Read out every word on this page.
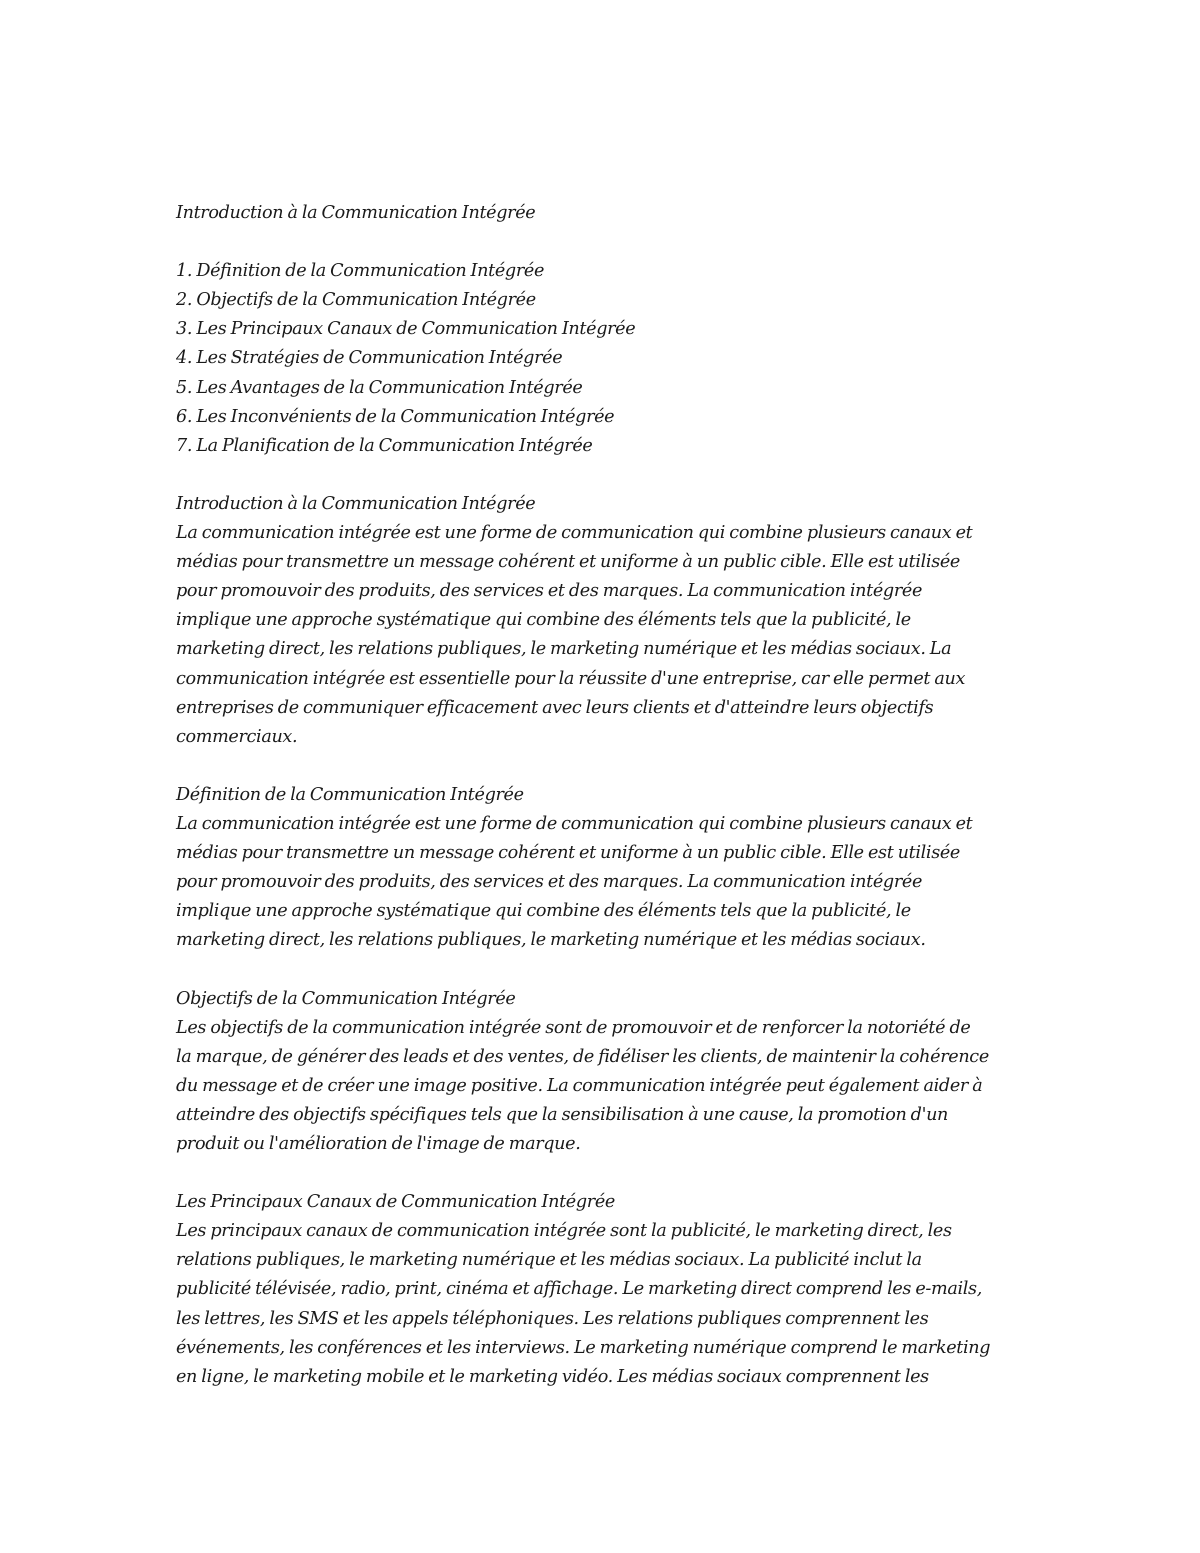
Introduction à la Communication Intégrée
1. Définition de la Communication Intégrée
2. Objectifs de la Communication Intégrée
3. Les Principaux Canaux de Communication Intégrée
4. Les Stratégies de Communication Intégrée
5. Les Avantages de la Communication Intégrée
6. Les Inconvénients de la Communication Intégrée
7. La Planification de la Communication Intégrée
Introduction à la Communication Intégrée
La communication intégrée est une forme de communication qui combine plusieurs canaux et
médias pour transmettre un message cohérent et uniforme à un public cible. Elle est utilisée
pour promouvoir des produits, des services et des marques. La communication intégrée
implique une approche systématique qui combine des éléments tels que la publicité, le
marketing direct, les relations publiques, le marketing numérique et les médias sociaux. La
communication intégrée est essentielle pour la réussite d'une entreprise, car elle permet aux
entreprises de communiquer efficacement avec leurs clients et d'atteindre leurs objectifs
commerciaux.
Définition de la Communication Intégrée
La communication intégrée est une forme de communication qui combine plusieurs canaux et
médias pour transmettre un message cohérent et uniforme à un public cible. Elle est utilisée
pour promouvoir des produits, des services et des marques. La communication intégrée
implique une approche systématique qui combine des éléments tels que la publicité, le
marketing direct, les relations publiques, le marketing numérique et les médias sociaux.
Objectifs de la Communication Intégrée
Les objectifs de la communication intégrée sont de promouvoir et de renforcer la notoriété de
la marque, de générer des leads et des ventes, de fidéliser les clients, de maintenir la cohérence
du message et de créer une image positive. La communication intégrée peut également aider à
atteindre des objectifs spécifiques tels que la sensibilisation à une cause, la promotion d'un
produit ou l'amélioration de l'image de marque.
Les Principaux Canaux de Communication Intégrée
Les principaux canaux de communication intégrée sont la publicité, le marketing direct, les
relations publiques, le marketing numérique et les médias sociaux. La publicité inclut la
publicité télévisée, radio, print, cinéma et affichage. Le marketing direct comprend les e-mails,
les lettres, les SMS et les appels téléphoniques. Les relations publiques comprennent les
événements, les conférences et les interviews. Le marketing numérique comprend le marketing
en ligne, le marketing mobile et le marketing vidéo. Les médias sociaux comprennent les
